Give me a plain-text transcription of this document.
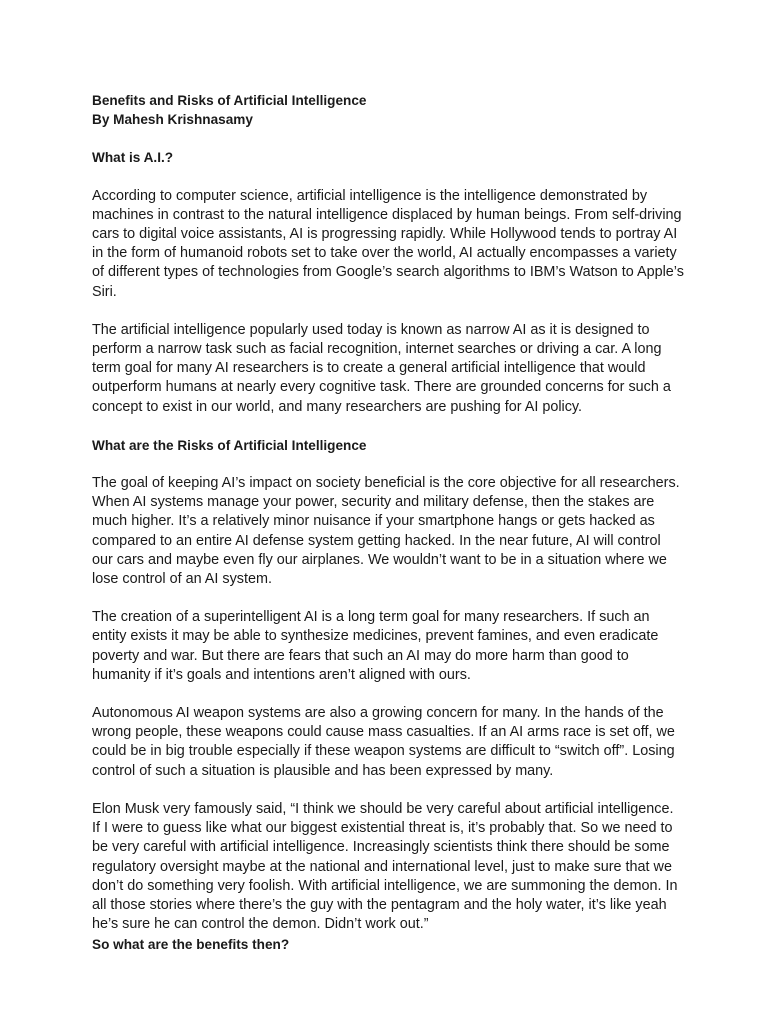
Benefits and Risks of Artificial Intelligence
By Mahesh Krishnasamy
What is A.I.?
According to computer science, artificial intelligence is the intelligence demonstrated by machines in contrast to the natural intelligence displaced by human beings. From self-driving cars to digital voice assistants, AI is progressing rapidly. While Hollywood tends to portray AI in the form of humanoid robots set to take over the world, AI actually encompasses a variety of different types of technologies from Google’s search algorithms to IBM’s Watson to Apple’s Siri.
The artificial intelligence popularly used today is known as narrow AI as it is designed to perform a narrow task such as facial recognition, internet searches or driving a car. A long term goal for many AI researchers is to create a general artificial intelligence that would outperform humans at nearly every cognitive task. There are grounded concerns for such a concept to exist in our world, and many researchers are pushing for AI policy.
What are the Risks of Artificial Intelligence
The goal of keeping AI’s impact on society beneficial is the core objective for all researchers. When AI systems manage your power, security and military defense, then the stakes are much higher. It’s a relatively minor nuisance if your smartphone hangs or gets hacked as compared to an entire AI defense system getting hacked. In the near future, AI will control our cars and maybe even fly our airplanes. We wouldn’t want to be in a situation where we lose control of an AI system.
The creation of a superintelligent AI is a long term goal for many researchers. If such an entity exists it may be able to synthesize medicines, prevent famines, and even eradicate poverty and war. But there are fears that such an AI may do more harm than good to humanity if it’s goals and intentions aren’t aligned with ours.
Autonomous AI weapon systems are also a growing concern for many. In the hands of the wrong people, these weapons could cause mass casualties. If an AI arms race is set off, we could be in big trouble especially if these weapon systems are difficult to “switch off”. Losing control of such a situation is plausible and has been expressed by many.
Elon Musk very famously said, “I think we should be very careful about artificial intelligence. If I were to guess like what our biggest existential threat is, it’s probably that. So we need to be very careful with artificial intelligence. Increasingly scientists think there should be some regulatory oversight maybe at the national and international level, just to make sure that we don’t do something very foolish. With artificial intelligence, we are summoning the demon. In all those stories where there’s the guy with the pentagram and the holy water, it’s like yeah he’s sure he can control the demon. Didn’t work out.”
So what are the benefits then?
